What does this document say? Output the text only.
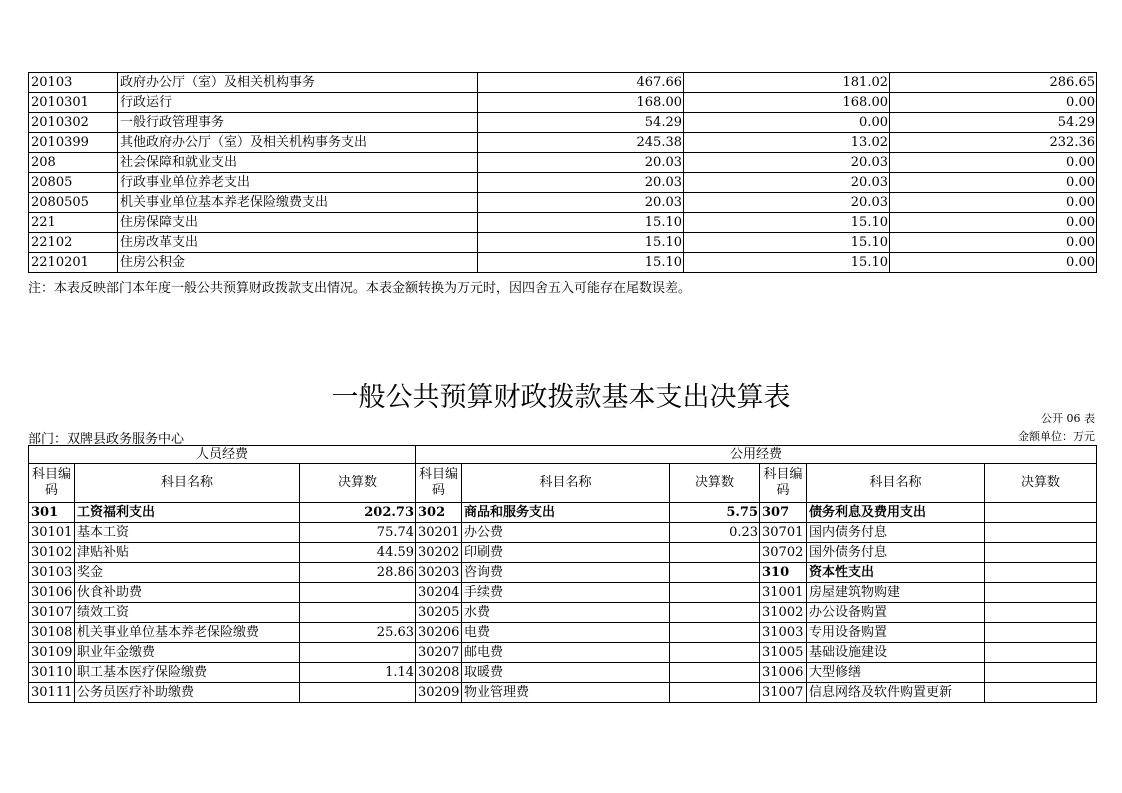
20103	政府办公厅（室）及相关机构事务	467.66	181.02	286.65
2010301	行政运行	168.00	168.00	0.00
2010302	一般行政管理事务	54.29	0.00	54.29
2010399	其他政府办公厅（室）及相关机构事务支出	245.38	13.02	232.36
208	社会保障和就业支出	20.03	20.03	0.00
20805	行政事业单位养老支出	20.03	20.03	0.00
2080505	机关事业单位基本养老保险缴费支出	20.03	20.03	0.00
221	住房保障支出	15.10	15.10	0.00
22102	住房改革支出	15.10	15.10	0.00
2210201	住房公积金	15.10	15.10	0.00
注：本表反映部门本年度一般公共预算财政拨款支出情况。本表金额转换为万元时，因四舍五入可能存在尾数误差。
一般公共预算财政拨款基本支出决算表
公开 06 表
部门：双牌县政务服务中心	金额单位：万元
人员经费			公用经费					
科目编码	科目名称	决算数	科目编码	科目名称	决算数	科目编码	科目名称	决算数
301	工资福利支出	202.73	302	商品和服务支出	5.75	307	债务利息及费用支出	
30101	基本工资	75.74	30201	办公费	0.23	30701	国内债务付息	
30102	津贴补贴	44.59	30202	印刷费		30702	国外债务付息	
30103	奖金	28.86	30203	咨询费		310	资本性支出	
30106	伙食补助费		30204	手续费		31001	房屋建筑物购建	
30107	绩效工资		30205	水费		31002	办公设备购置	
30108	机关事业单位基本养老保险缴费	25.63	30206	电费		31003	专用设备购置	
30109	职业年金缴费		30207	邮电费		31005	基础设施建设	
30110	职工基本医疗保险缴费	1.14	30208	取暖费		31006	大型修缮	
30111	公务员医疗补助缴费		30209	物业管理费		31007	信息网络及软件购置更新	
